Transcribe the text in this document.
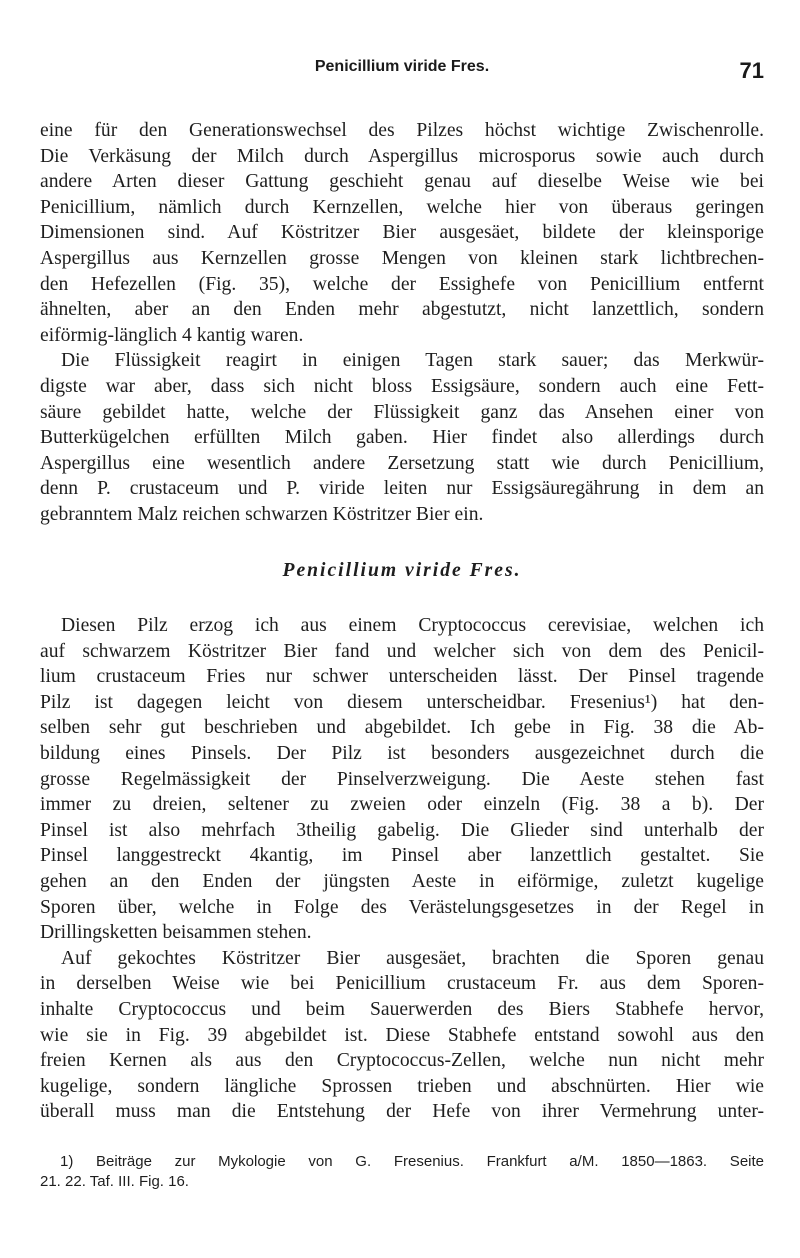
Penicillium viride Fres.	71
eine für den Generationswechsel des Pilzes höchst wichtige Zwischenrolle.
Die Verkäsung der Milch durch Aspergillus microsporus sowie auch durch
andere Arten dieser Gattung geschieht genau auf dieselbe Weise wie bei
Penicillium, nämlich durch Kernzellen, welche hier von überaus geringen
Dimensionen sind. Auf Köstritzer Bier ausgesäet, bildete der kleinsporige
Aspergillus aus Kernzellen grosse Mengen von kleinen stark lichtbrechen-
den Hefezellen (Fig. 35), welche der Essighefe von Penicillium entfernt
ähnelten, aber an den Enden mehr abgestutzt, nicht lanzettlich, sondern
eiförmig-länglich 4 kantig waren.
Die Flüssigkeit reagirt in einigen Tagen stark sauer; das Merkwür-
digste war aber, dass sich nicht bloss Essigsäure, sondern auch eine Fett-
säure gebildet hatte, welche der Flüssigkeit ganz das Ansehen einer von
Butterkügelchen erfüllten Milch gaben. Hier findet also allerdings durch
Aspergillus eine wesentlich andere Zersetzung statt wie durch Penicillium,
denn P. crustaceum und P. viride leiten nur Essigsäuregährung in dem an
gebranntem Malz reichen schwarzen Köstritzer Bier ein.
Penicillium viride Fres.
Diesen Pilz erzog ich aus einem Cryptococcus cerevisiae, welchen ich
auf schwarzem Köstritzer Bier fand und welcher sich von dem des Penicil-
lium crustaceum Fries nur schwer unterscheiden lässt. Der Pinsel tragende
Pilz ist dagegen leicht von diesem unterscheidbar. Fresenius¹) hat den-
selben sehr gut beschrieben und abgebildet. Ich gebe in Fig. 38 die Ab-
bildung eines Pinsels. Der Pilz ist besonders ausgezeichnet durch die
grosse Regelmässigkeit der Pinselverzweigung. Die Aeste stehen fast
immer zu dreien, seltener zu zweien oder einzeln (Fig. 38 a b). Der
Pinsel ist also mehrfach 3theilig gabelig. Die Glieder sind unterhalb der
Pinsel langgestreckt 4kantig, im Pinsel aber lanzettlich gestaltet. Sie
gehen an den Enden der jüngsten Aeste in eiförmige, zuletzt kugelige
Sporen über, welche in Folge des Verästelungsgesetzes in der Regel in
Drillingsketten beisammen stehen.
Auf gekochtes Köstritzer Bier ausgesäet, brachten die Sporen genau
in derselben Weise wie bei Penicillium crustaceum Fr. aus dem Sporen-
inhalte Cryptococcus und beim Sauerwerden des Biers Stabhefe hervor,
wie sie in Fig. 39 abgebildet ist. Diese Stabhefe entstand sowohl aus den
freien Kernen als aus den Cryptococcus-Zellen, welche nun nicht mehr
kugelige, sondern längliche Sprossen trieben und abschnürten. Hier wie
überall muss man die Entstehung der Hefe von ihrer Vermehrung unter-
1) Beiträge zur Mykologie von G. Fresenius. Frankfurt a/M. 1850—1863. Seite
21. 22. Taf. III. Fig. 16.
